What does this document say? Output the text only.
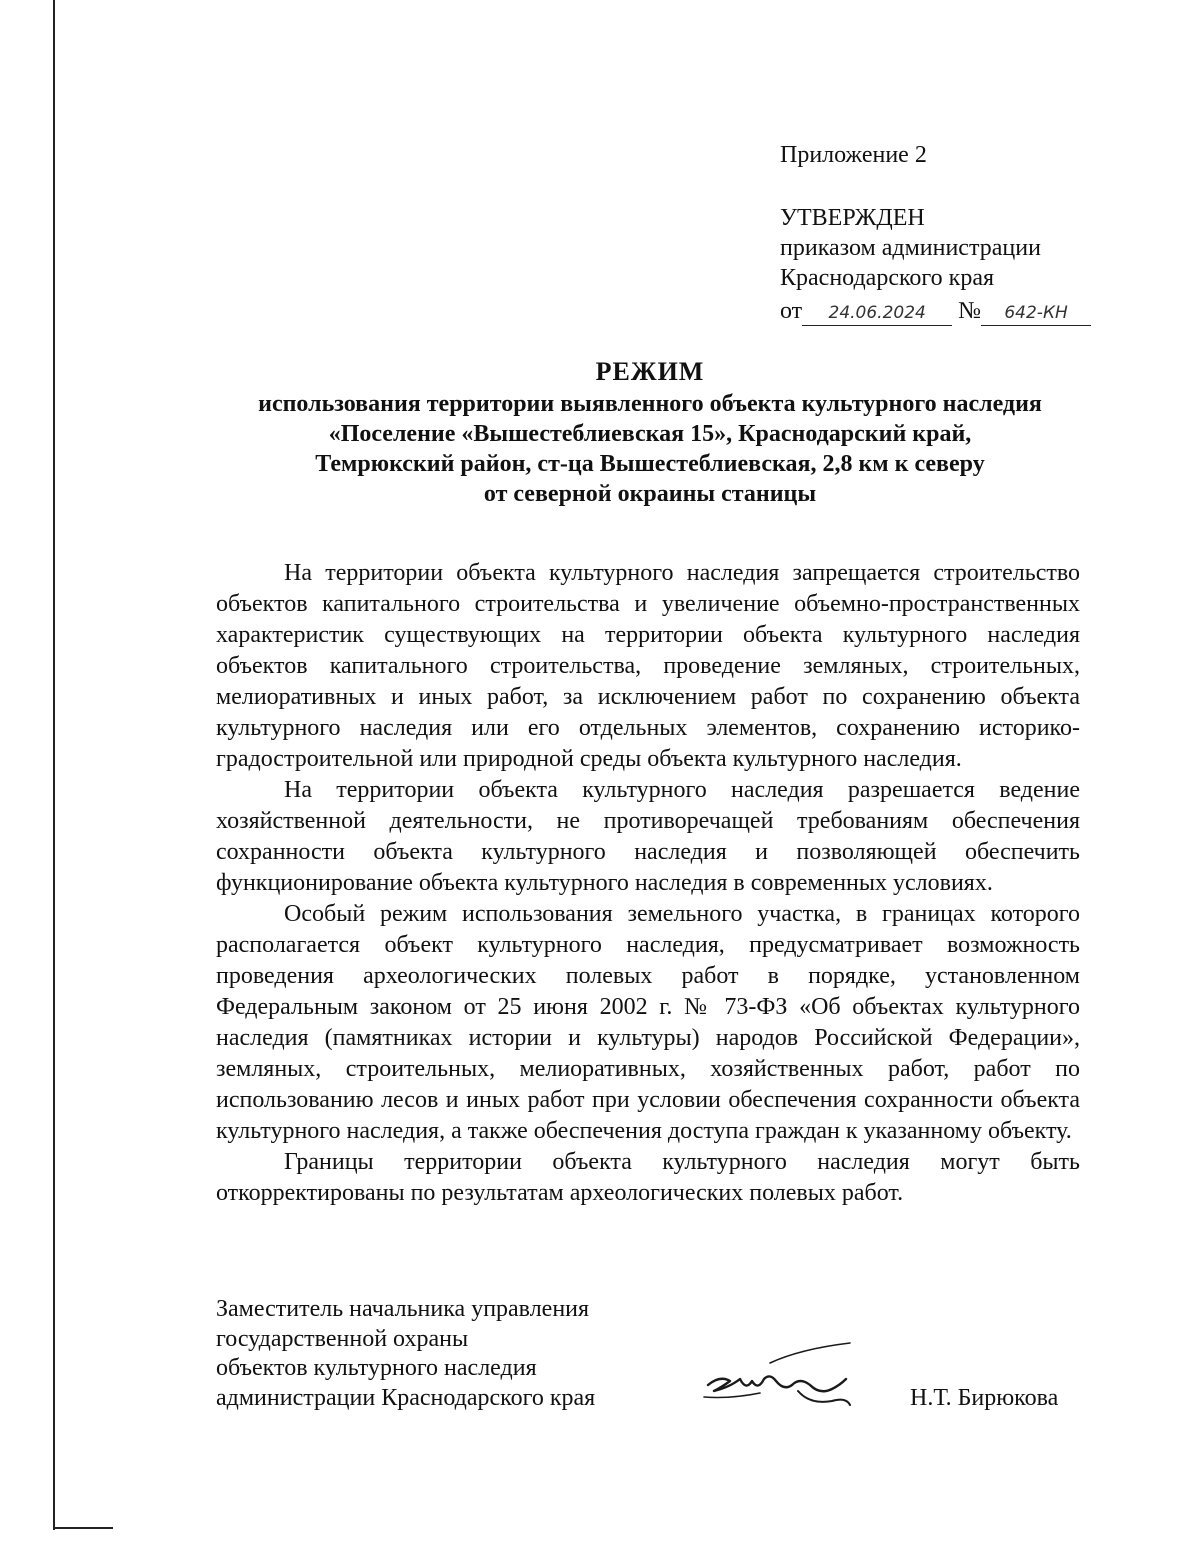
Приложение 2
УТВЕРЖДЕН
приказом администрации
Краснодарского края
от 24.06.2024 № 642-КН
РЕЖИМ
использования территории выявленного объекта культурного наследия
«Поселение «Вышестеблиевская 15», Краснодарский край,
Темрюкский район, ст-ца Вышестеблиевская, 2,8 км к северу
от северной окраины станицы

На территории объекта культурного наследия запрещается строительство объектов капитального строительства и увеличение объемно-пространственных характеристик существующих на территории объекта культурного наследия объектов капитального строительства, проведение земляных, строительных, мелиоративных и иных работ, за исключением работ по сохранению объекта культурного наследия или его отдельных элементов, сохранению историко-градостроительной или природной среды объекта культурного наследия.

На территории объекта культурного наследия разрешается ведение хозяйственной деятельности, не противоречащей требованиям обеспечения сохранности объекта культурного наследия и позволяющей обеспечить функционирование объекта культурного наследия в современных условиях.

Особый режим использования земельного участка, в границах которого располагается объект культурного наследия, предусматривает возможность проведения археологических полевых работ в порядке, установленном Федеральным законом от 25 июня 2002 г. № 73-ФЗ «Об объектах культурного наследия (памятниках истории и культуры) народов Российской Федерации», земляных, строительных, мелиоративных, хозяйственных работ, работ по использованию лесов и иных работ при условии обеспечения сохранности объекта культурного наследия, а также обеспечения доступа граждан к указанному объекту.

Границы территории объекта культурного наследия могут быть откорректированы по результатам археологических полевых работ.

Заместитель начальника управления
государственной охраны
объектов культурного наследия
администрации Краснодарского края	Н.Т. Бирюкова
